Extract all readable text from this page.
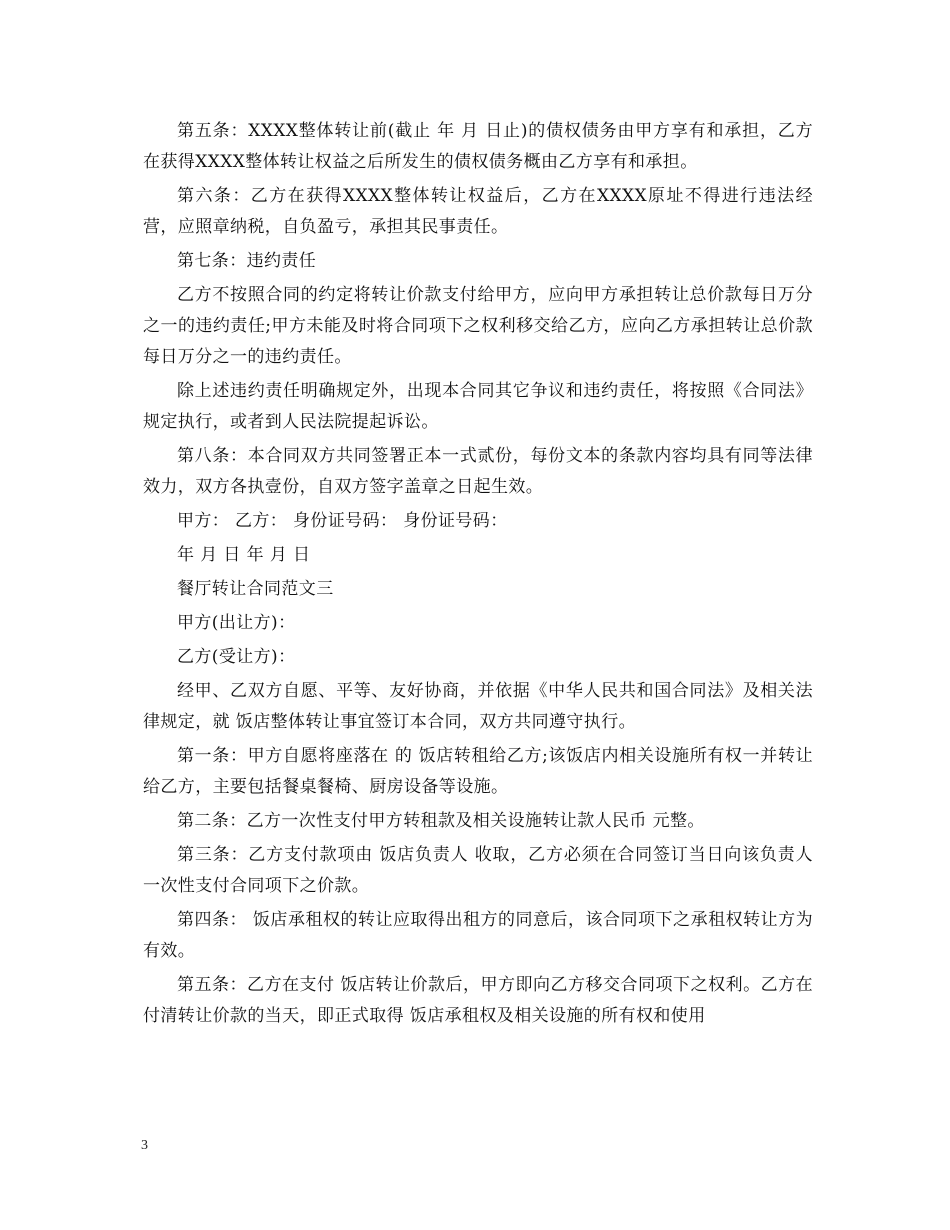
第五条：XXXX整体转让前(截止 年 月 日止)的债权债务由甲方享有和承担，乙方在获得XXXX整体转让权益之后所发生的债权债务概由乙方享有和承担。

第六条：乙方在获得XXXX整体转让权益后，乙方在XXXX原址不得进行违法经营，应照章纳税，自负盈亏，承担其民事责任。

第七条：违约责任

乙方不按照合同的约定将转让价款支付给甲方，应向甲方承担转让总价款每日万分之一的违约责任;甲方未能及时将合同项下之权利移交给乙方，应向乙方承担转让总价款每日万分之一的违约责任。

除上述违约责任明确规定外，出现本合同其它争议和违约责任，将按照《合同法》规定执行，或者到人民法院提起诉讼。

第八条：本合同双方共同签署正本一式贰份，每份文本的条款内容均具有同等法律效力，双方各执壹份，自双方签字盖章之日起生效。

甲方： 乙方： 身份证号码： 身份证号码：

年 月 日 年 月 日

餐厅转让合同范文三

甲方(出让方)：

乙方(受让方)：

经甲、乙双方自愿、平等、友好协商，并依据《中华人民共和国合同法》及相关法律规定，就 饭店整体转让事宜签订本合同，双方共同遵守执行。

第一条：甲方自愿将座落在 的 饭店转租给乙方;该饭店内相关设施所有权一并转让给乙方，主要包括餐桌餐椅、厨房设备等设施。

第二条：乙方一次性支付甲方转租款及相关设施转让款人民币 元整。

第三条：乙方支付款项由 饭店负责人 收取，乙方必须在合同签订当日向该负责人一次性支付合同项下之价款。

第四条： 饭店承租权的转让应取得出租方的同意后，该合同项下之承租权转让方为有效。

第五条：乙方在支付 饭店转让价款后，甲方即向乙方移交合同项下之权利。乙方在付清转让价款的当天，即正式取得 饭店承租权及相关设施的所有权和使用

3
